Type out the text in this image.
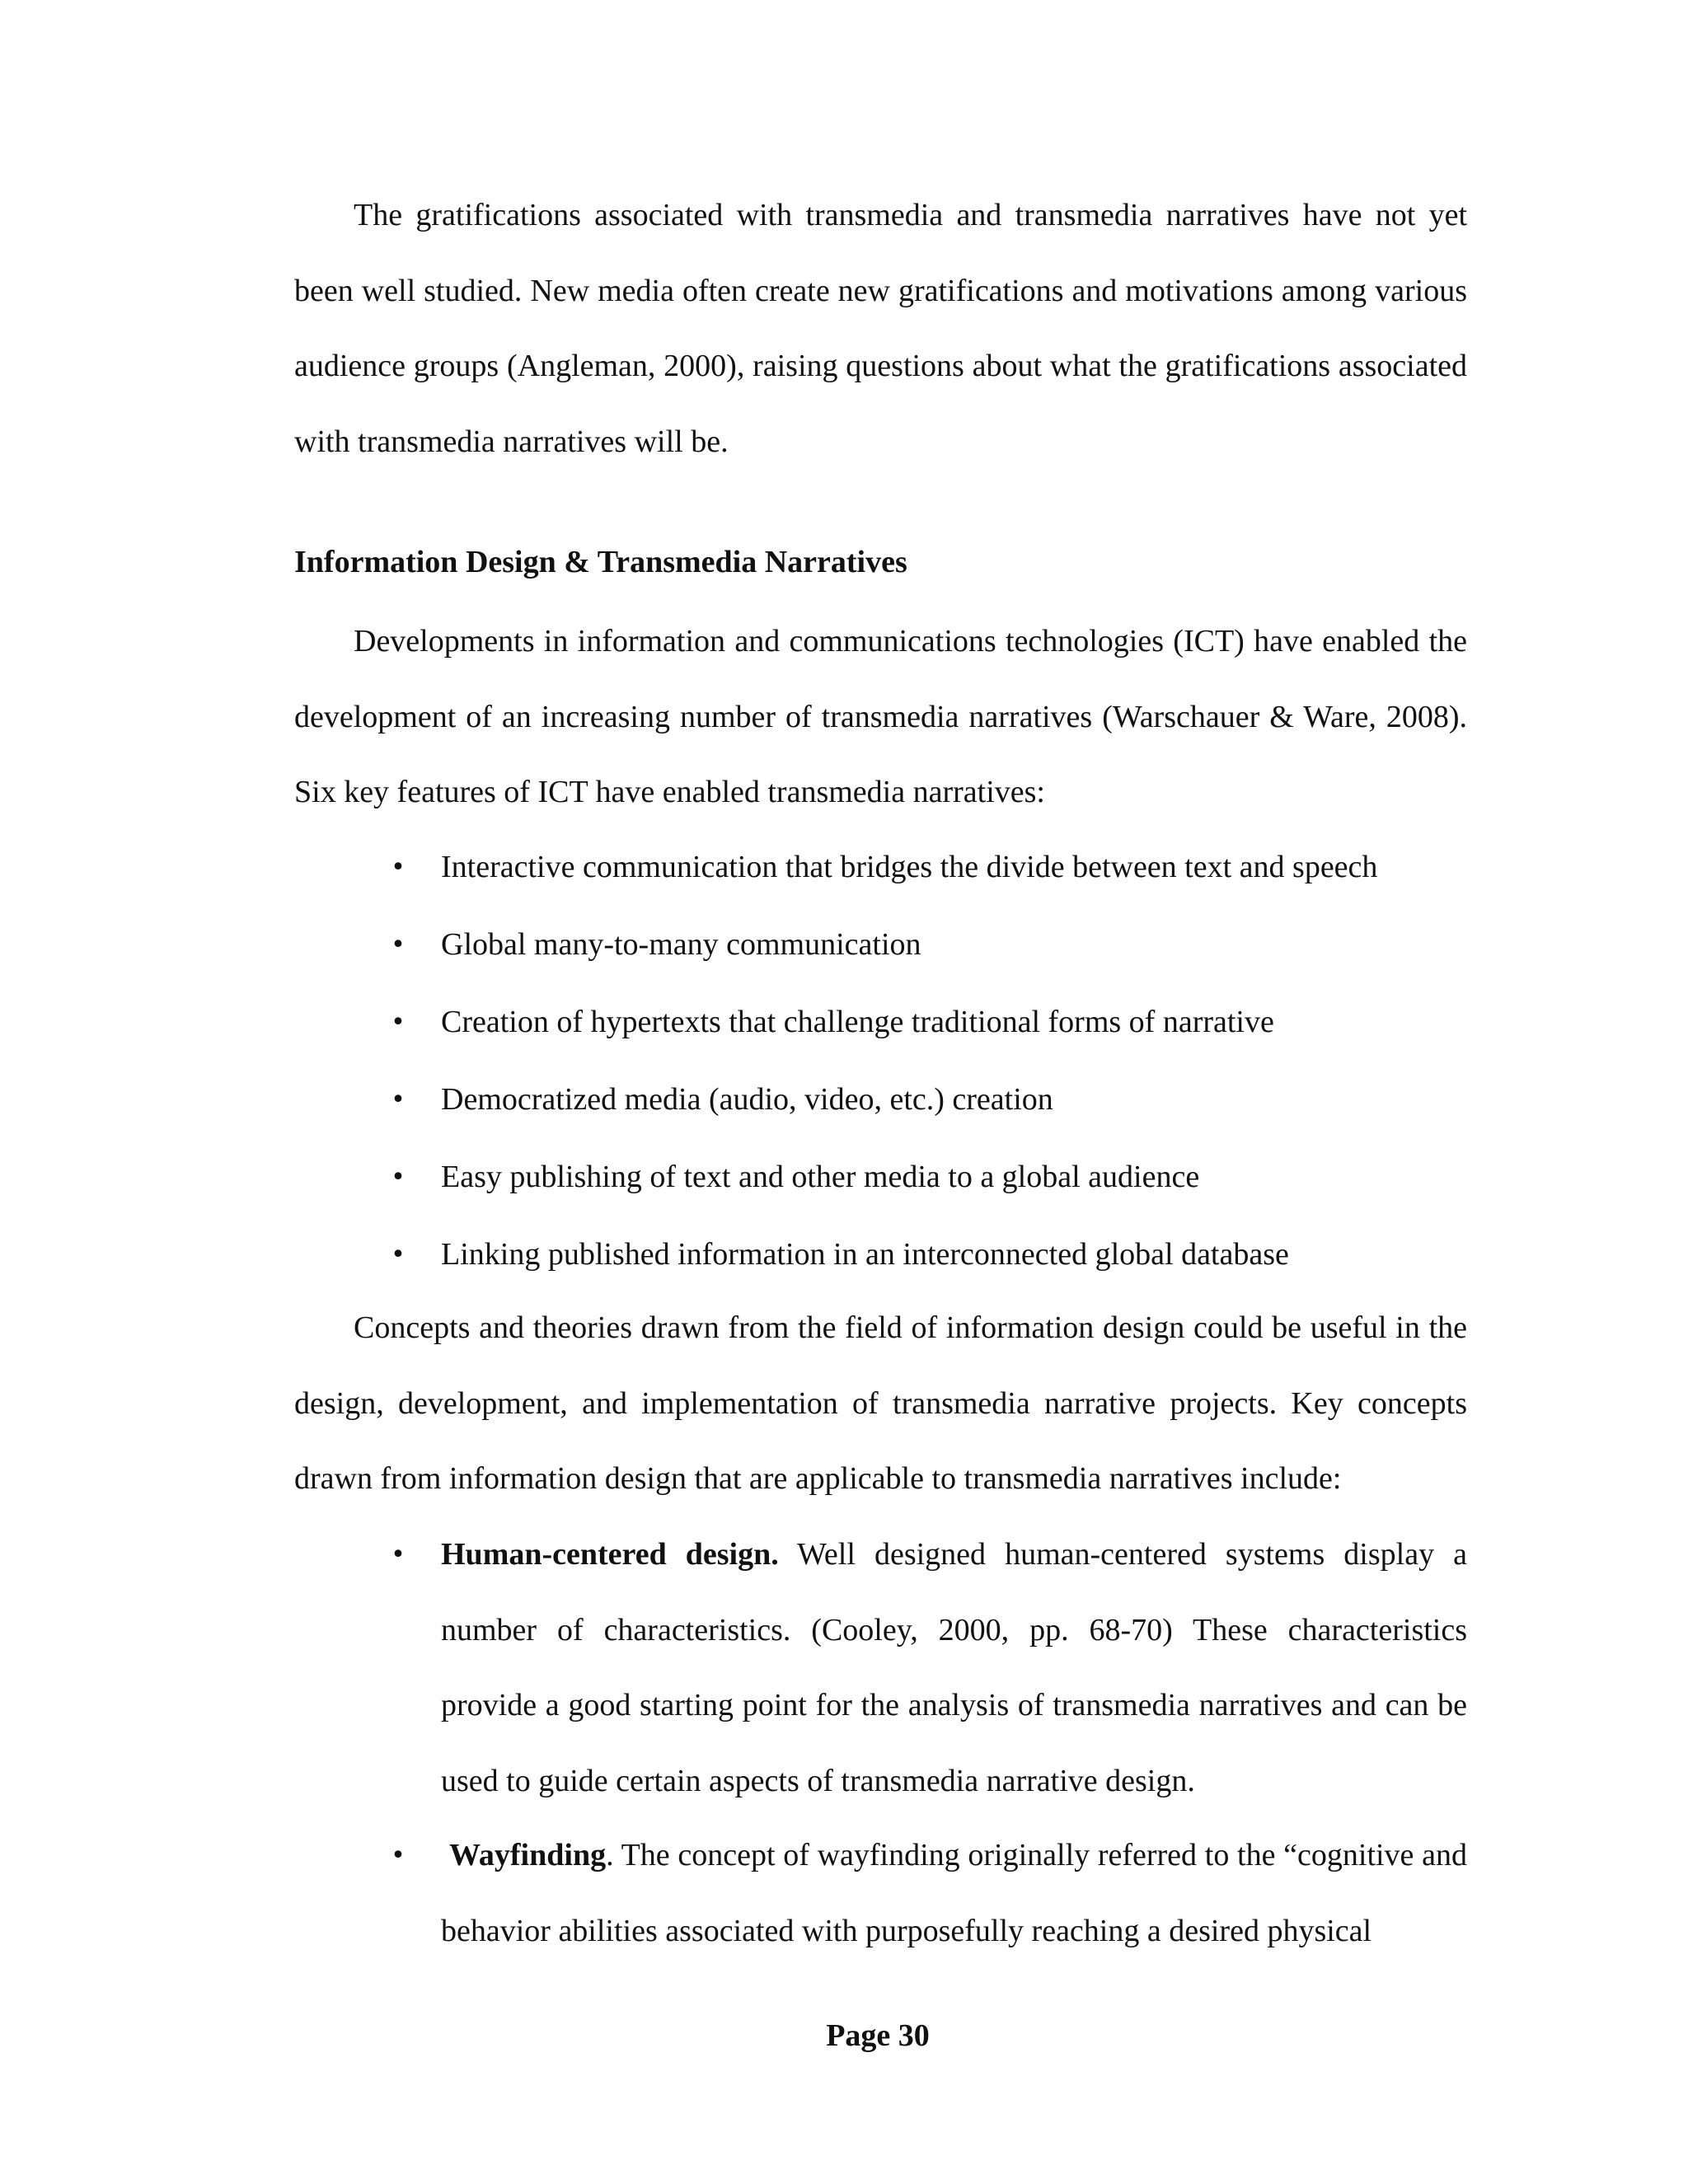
The gratifications associated with transmedia and transmedia narratives have not yet been well studied. New media often create new gratifications and motivations among various audience groups (Angleman, 2000), raising questions about what the gratifications associated with transmedia narratives will be.

Information Design & Transmedia Narratives

Developments in information and communications technologies (ICT) have enabled the development of an increasing number of transmedia narratives (Warschauer & Ware, 2008). Six key features of ICT have enabled transmedia narratives:

• Interactive communication that bridges the divide between text and speech

• Global many-to-many communication

• Creation of hypertexts that challenge traditional forms of narrative

• Democratized media (audio, video, etc.) creation

• Easy publishing of text and other media to a global audience

• Linking published information in an interconnected global database

Concepts and theories drawn from the field of information design could be useful in the design, development, and implementation of transmedia narrative projects. Key concepts drawn from information design that are applicable to transmedia narratives include:

• Human-centered design. Well designed human-centered systems display a number of characteristics. (Cooley, 2000, pp. 68-70) These characteristics provide a good starting point for the analysis of transmedia narratives and can be used to guide certain aspects of transmedia narrative design.

• Wayfinding. The concept of wayfinding originally referred to the “cognitive and behavior abilities associated with purposefully reaching a desired physical

Page 30
